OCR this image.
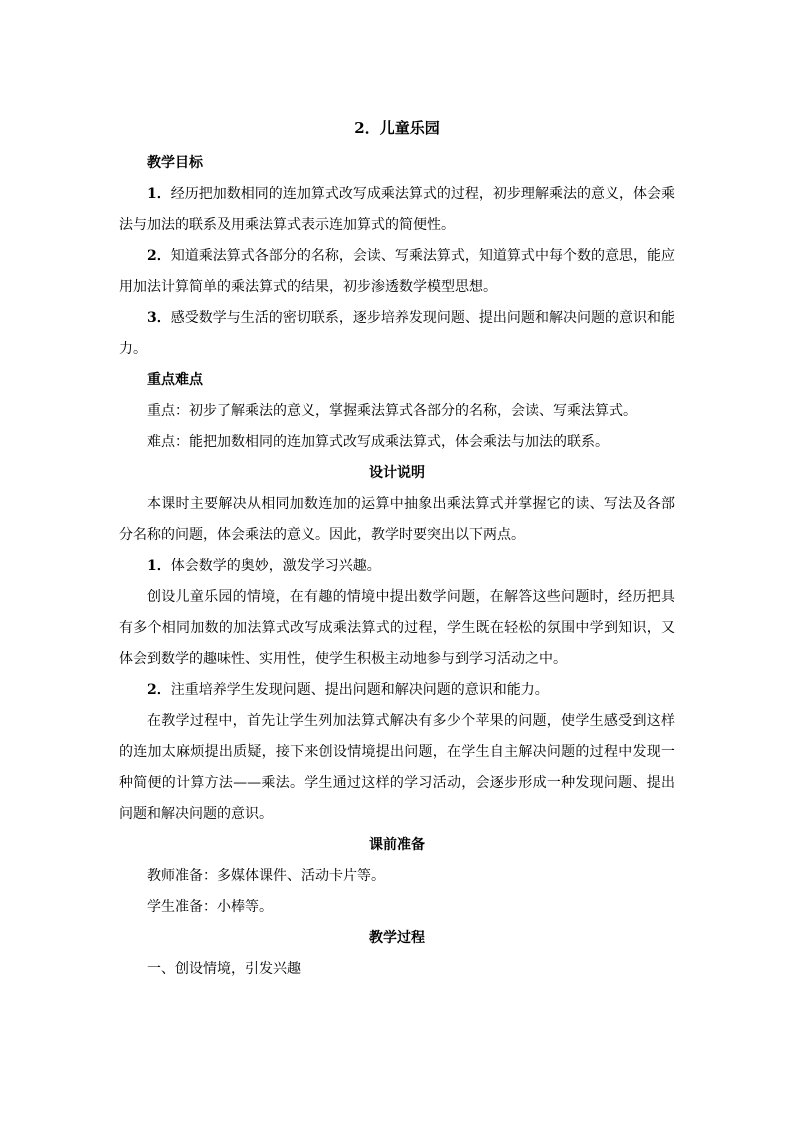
2．儿童乐园

教学目标

1．经历把加数相同的连加算式改写成乘法算式的过程，初步理解乘法的意义，体会乘法与加法的联系及用乘法算式表示连加算式的简便性。

2．知道乘法算式各部分的名称，会读、写乘法算式，知道算式中每个数的意思，能应用加法计算简单的乘法算式的结果，初步渗透数学模型思想。

3．感受数学与生活的密切联系，逐步培养发现问题、提出问题和解决问题的意识和能力。

重点难点

重点：初步了解乘法的意义，掌握乘法算式各部分的名称，会读、写乘法算式。

难点：能把加数相同的连加算式改写成乘法算式，体会乘法与加法的联系。

设计说明

本课时主要解决从相同加数连加的运算中抽象出乘法算式并掌握它的读、写法及各部分名称的问题，体会乘法的意义。因此，教学时要突出以下两点。

1．体会数学的奥妙，激发学习兴趣。

创设儿童乐园的情境，在有趣的情境中提出数学问题，在解答这些问题时，经历把具有多个相同加数的加法算式改写成乘法算式的过程，学生既在轻松的氛围中学到知识，又体会到数学的趣味性、实用性，使学生积极主动地参与到学习活动之中。

2．注重培养学生发现问题、提出问题和解决问题的意识和能力。

在教学过程中，首先让学生列加法算式解决有多少个苹果的问题，使学生感受到这样的连加太麻烦提出质疑，接下来创设情境提出问题，在学生自主解决问题的过程中发现一种简便的计算方法——乘法。学生通过这样的学习活动，会逐步形成一种发现问题、提出问题和解决问题的意识。

课前准备

教师准备：多媒体课件、活动卡片等。

学生准备：小棒等。

教学过程

一、创设情境，引发兴趣
